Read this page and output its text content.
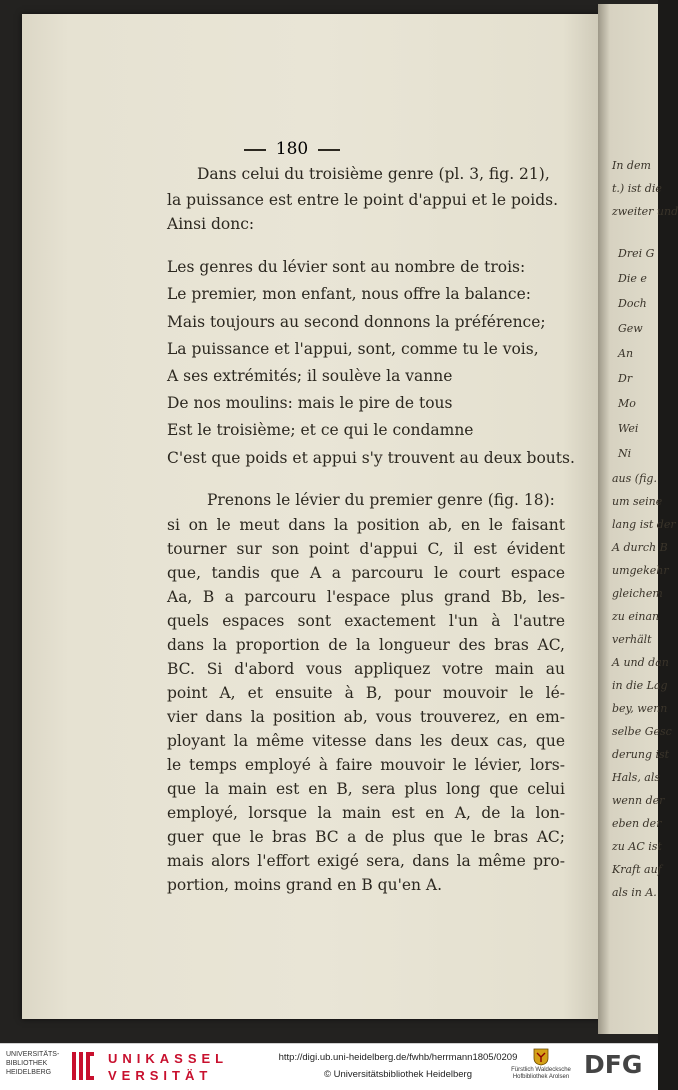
180
Dans celui du troisième genre (pl. 3, fig. 21),
la puissance est entre le point d'appui et le poids.
Ainsi donc:
Les genres du lévier sont au nombre de trois:
Le premier, mon enfant, nous offre la balance:
Mais toujours au second donnons la préférence;
La puissance et l'appui, sont, comme tu le vois,
A ses extrémités; il soulève la vanne
De nos moulins: mais le pire de tous
Est le troisième; et ce qui le condamne
C'est que poids et appui s'y trouvent au deux bouts.
Prenons le lévier du premier genre (fig. 18):
si on le meut dans la position ab, en le faisant
tourner sur son point d'appui C, il est évident
que, tandis que A a parcouru le court espace
Aa, B a parcouru l'espace plus grand Bb, les-
quels espaces sont exactement l'un à l'autre
dans la proportion de la longueur des bras AC,
BC. Si d'abord vous appliquez votre main au
point A, et ensuite à B, pour mouvoir le lé-
vier dans la position ab, vous trouverez, en em-
ployant la même vitesse dans les deux cas, que
le temps employé à faire mouvoir le lévier, lors-
que la main est en B, sera plus long que celui
employé, lorsque la main est en A, de la lon-
guer que le bras BC a de plus que le bras AC;
mais alors l'effort exigé sera, dans la même pro-
portion, moins grand en B qu'en A.
In dem
t.) ist die
zweiter und
Drei G
Die e
Doch
Gew
An
Dr
Mo
Wei
Ni
aus (fig.
um seine
lang ist der
A durch B
umgekehr
gleichem
zu einan
verhält
A und dan
in die Lag
bey, wenn
selbe Gesc
derung ist
Hals, als
wenn der
eben der
zu AC ist
Kraft auf
als in A.
UNIVERSITÄTS-
BIBLIOTHEK
HEIDELBERG
UNIKASSEL
VERSITÄT
http://digi.ub.uni-heidelberg.de/fwhb/herrmann1805/0209
© Universitätsbibliothek Heidelberg	Fürstlich Waldecksche
Hofbibliothek Arolsen DFG
